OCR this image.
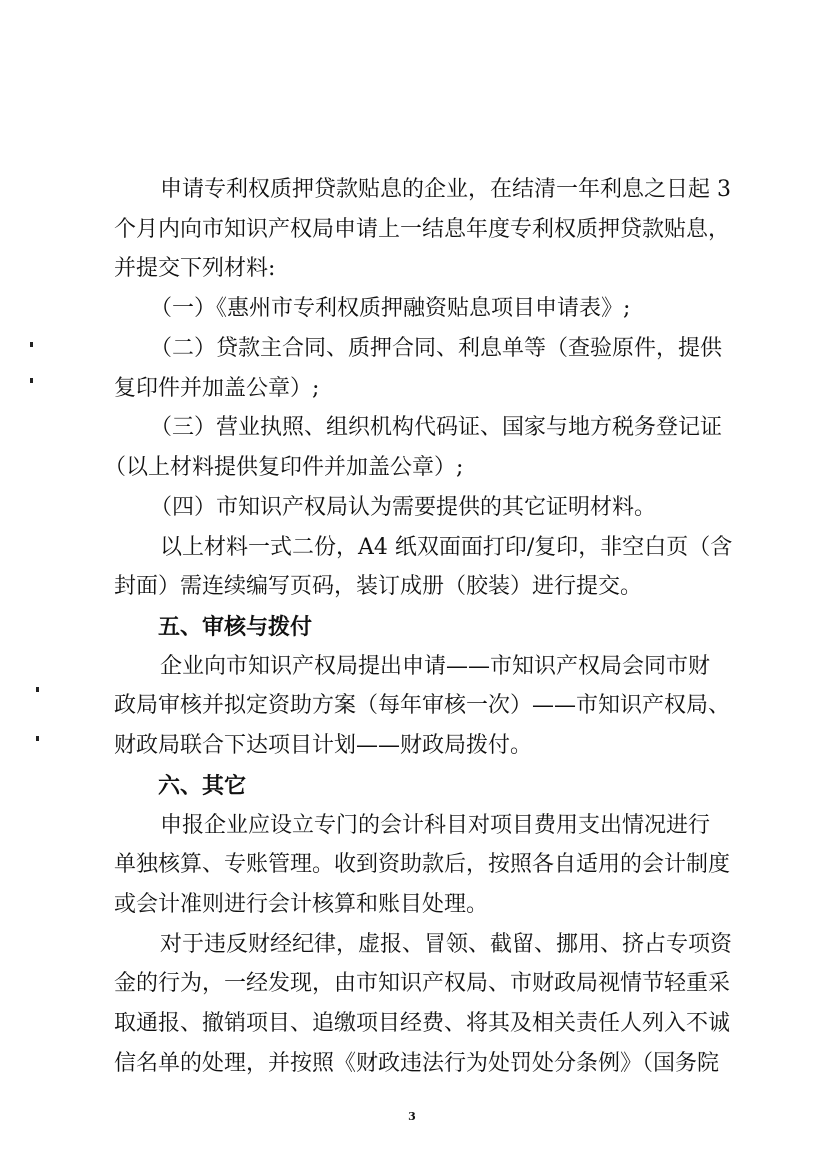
申请专利权质押贷款贴息的企业，在结清一年利息之日起 3

个月内向市知识产权局申请上一结息年度专利权质押贷款贴息，

并提交下列材料:

（一）《惠州市专利权质押融资贴息项目申请表》;

（二）贷款主合同、质押合同、利息单等（查验原件，提供

复印件并加盖公章）;

（三）营业执照、组织机构代码证、国家与地方税务登记证

（以上材料提供复印件并加盖公章）;

（四）市知识产权局认为需要提供的其它证明材料。

以上材料一式二份，A4 纸双面面打印/复印，非空白页（含

封面）需连续编写页码，装订成册（胶装）进行提交。

五、审核与拨付

企业向市知识产权局提出申请——市知识产权局会同市财

政局审核并拟定资助方案（每年审核一次）——市知识产权局、

财政局联合下达项目计划——财政局拨付。

六、其它

申报企业应设立专门的会计科目对项目费用支出情况进行

单独核算、专账管理。收到资助款后，按照各自适用的会计制度

或会计准则进行会计核算和账目处理。

对于违反财经纪律，虚报、冒领、截留、挪用、挤占专项资

金的行为，一经发现，由市知识产权局、市财政局视情节轻重采

取通报、撤销项目、追缴项目经费、将其及相关责任人列入不诚

信名单的处理，并按照《财政违法行为处罚处分条例》（国务院

3
